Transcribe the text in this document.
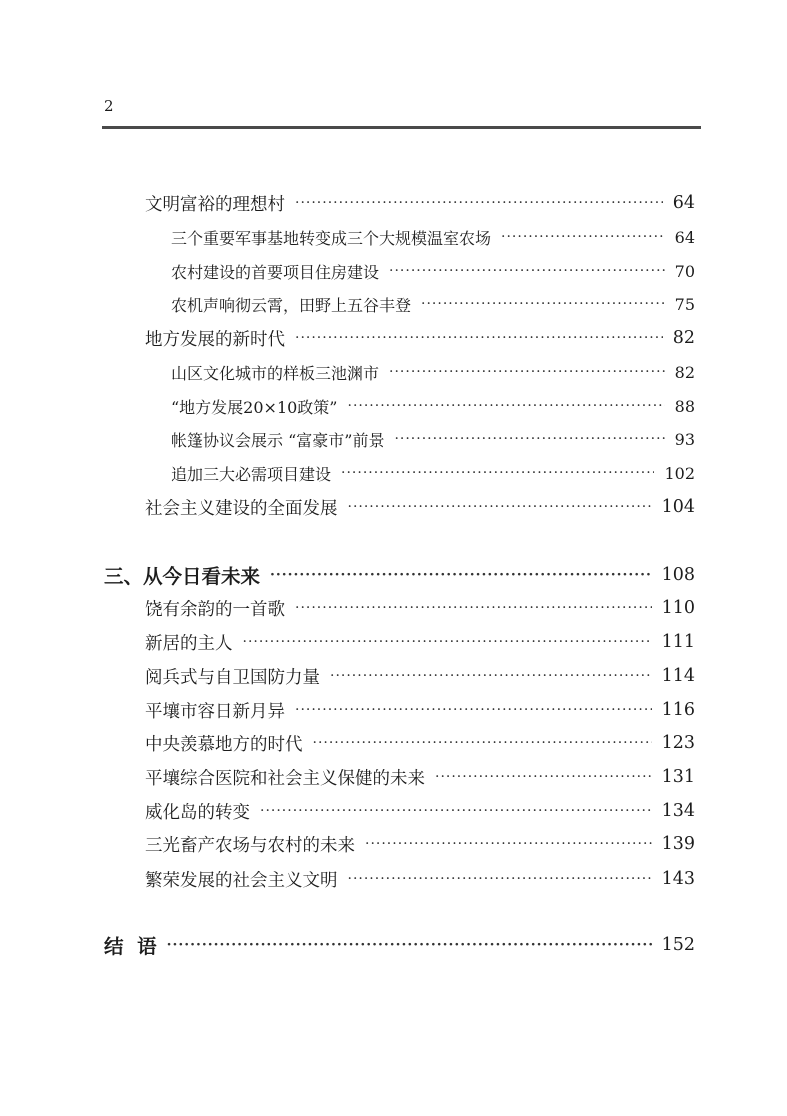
2
文明富裕的理想村 ·····	64
三个重要军事基地转变成三个大规模温室农场 ·····	64
农村建设的首要项目住房建设 ·····	70
农机声响彻云霄，田野上五谷丰登 ·····	75
地方发展的新时代 ·····	82
山区文化城市的样板三池渊市 ·····	82
“地方发展20×10政策” ·····	88
帐篷协议会展示 “富豪市”前景 ·····	93
追加三大必需项目建设 ·····	102
社会主义建设的全面发展 ·····	104
三、从今日看未来 ·····	108
饶有余韵的一首歌 ·····	110
新居的主人 ·····	111
阅兵式与自卫国防力量 ·····	114
平壤市容日新月异 ·····	116
中央羡慕地方的时代 ·····	123
平壤综合医院和社会主义保健的未来 ·····	131
威化岛的转变 ·····	134
三光畜产农场与农村的未来 ·····	139
繁荣发展的社会主义文明 ·····	143
结  语 ·····	152
